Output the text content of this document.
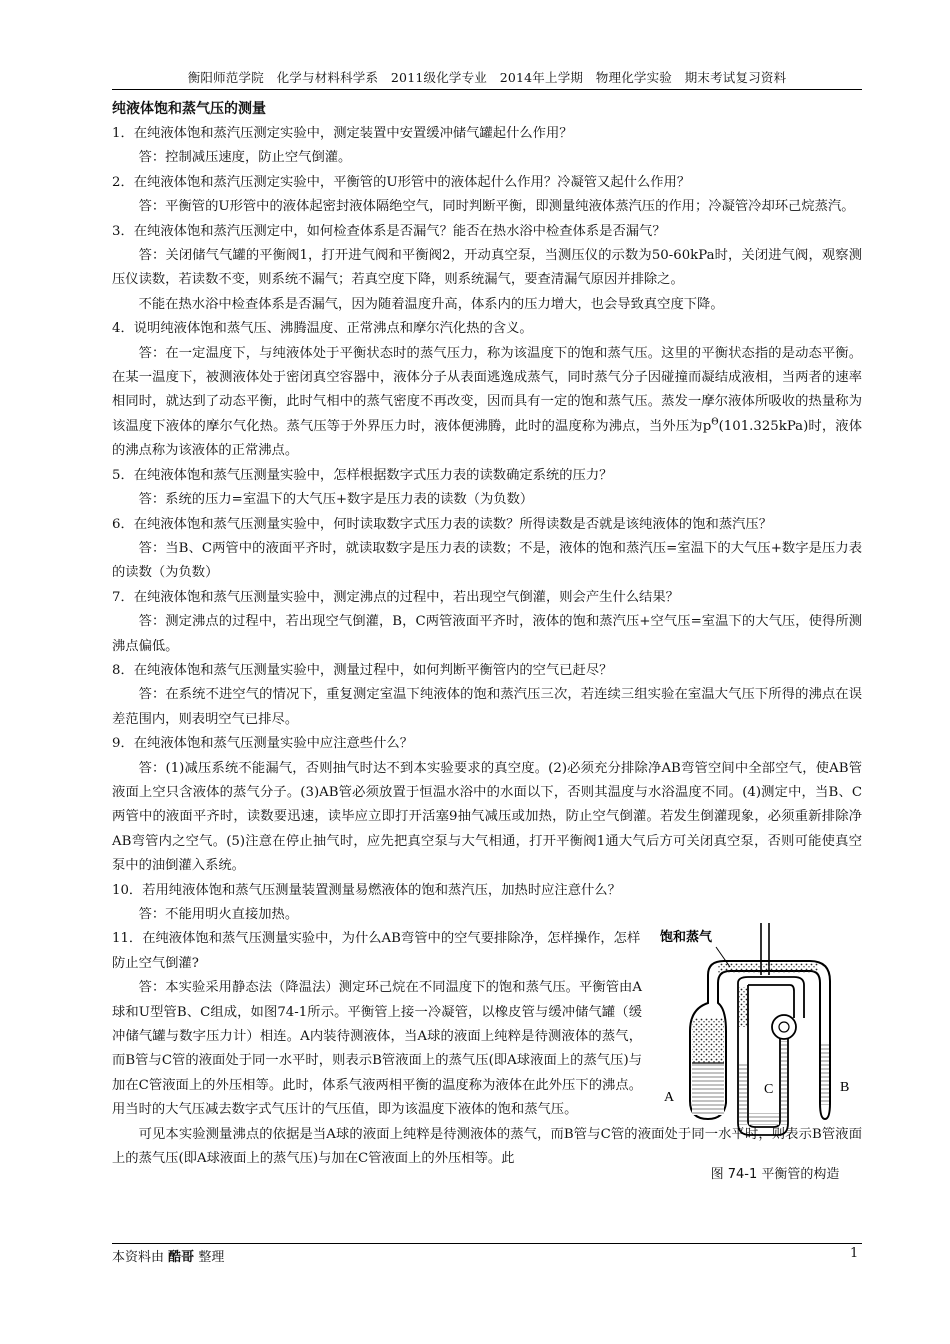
衡阳师范学院　化学与材料科学系　2011级化学专业　2014年上学期　物理化学实验　期末考试复习资料

纯液体饱和蒸气压的测量

1．在纯液体饱和蒸汽压测定实验中，测定装置中安置缓冲储气罐起什么作用？

答：控制减压速度，防止空气倒灌。

2．在纯液体饱和蒸汽压测定实验中，平衡管的U形管中的液体起什么作用？冷凝管又起什么作用？

答：平衡管的U形管中的液体起密封液体隔绝空气，同时判断平衡，即测量纯液体蒸汽压的作用；冷凝管冷却环己烷蒸汽。

3．在纯液体饱和蒸汽压测定中，如何检查体系是否漏气？能否在热水浴中检查体系是否漏气？

答：关闭储气气罐的平衡阀1，打开进气阀和平衡阀2，开动真空泵，当测压仪的示数为50-60kPa时，关闭进气阀，观察测压仪读数，若读数不变，则系统不漏气；若真空度下降，则系统漏气，要查清漏气原因并排除之。

不能在热水浴中检查体系是否漏气，因为随着温度升高，体系内的压力增大，也会导致真空度下降。

4．说明纯液体饱和蒸气压、沸腾温度、正常沸点和摩尔汽化热的含义。

答：在一定温度下，与纯液体处于平衡状态时的蒸气压力，称为该温度下的饱和蒸气压。这里的平衡状态指的是动态平衡。在某一温度下，被测液体处于密闭真空容器中，液体分子从表面逃逸成蒸气，同时蒸气分子因碰撞而凝结成液相，当两者的速率相同时，就达到了动态平衡，此时气相中的蒸气密度不再改变，因而具有一定的饱和蒸气压。蒸发一摩尔液体所吸收的热量称为该温度下液体的摩尔气化热。蒸气压等于外界压力时，液体便沸腾，此时的温度称为沸点，当外压为$p^\Theta(101.325kPa)$时，液体的沸点称为该液体的正常沸点。

5．在纯液体饱和蒸气压测量实验中，怎样根据数字式压力表的读数确定系统的压力？

答：系统的压力=室温下的大气压+数字是压力表的读数（为负数）

6．在纯液体饱和蒸气压测量实验中，何时读取数字式压力表的读数？所得读数是否就是该纯液体的饱和蒸汽压？

答：当B、C两管中的液面平齐时，就读取数字是压力表的读数；不是，液体的饱和蒸汽压=室温下的大气压+数字是压力表的读数（为负数）

7．在纯液体饱和蒸气压测量实验中，测定沸点的过程中，若出现空气倒灌，则会产生什么结果？

答：测定沸点的过程中，若出现空气倒灌，B，C两管液面平齐时，液体的饱和蒸汽压+空气压=室温下的大气压，使得所测沸点偏低。

8．在纯液体饱和蒸气压测量实验中，测量过程中，如何判断平衡管内的空气已赶尽？

答：在系统不进空气的情况下，重复测定室温下纯液体的饱和蒸汽压三次，若连续三组实验在室温大气压下所得的沸点在误差范围内，则表明空气已排尽。

9．在纯液体饱和蒸气压测量实验中应注意些什么？

答：(1)减压系统不能漏气，否则抽气时达不到本实验要求的真空度。(2)必须充分排除净AB弯管空间中全部空气，使AB管液面上空只含液体的蒸气分子。(3)AB管必须放置于恒温水浴中的水面以下，否则其温度与水浴温度不同。(4)测定中，当B、C两管中的液面平齐时，读数要迅速，读毕应立即打开活塞9抽气减压或加热，防止空气倒灌。若发生倒灌现象，必须重新排除净AB弯管内之空气。(5)注意在停止抽气时，应先把真空泵与大气相通，打开平衡阀1通大气后方可关闭真空泵，否则可能使真空泵中的油倒灌入系统。

10．若用纯液体饱和蒸气压测量装置测量易燃液体的饱和蒸汽压，加热时应注意什么？

答：不能用明火直接加热。

11．在纯液体饱和蒸气压测量实验中，为什么AB弯管中的空气要排除净，怎样操作，怎样防止空气倒灌?

答：本实验采用静态法（降温法）测定环己烷在不同温度下的饱和蒸气压。平衡管由A球和U型管B、C组成，如图74-1所示。平衡管上接一冷凝管，以橡皮管与缓冲储气罐（缓冲储气罐与数字压力计）相连。A内装待测液体，当A球的液面上纯粹是待测液体的蒸气，而B管与C管的液面处于同一水平时，则表示B管液面上的蒸气压(即A球液面上的蒸气压)与加在C管液面上的外压相等。此时，体系气液两相平衡的温度称为液体在此外压下的沸点。用当时的大气压减去数字式气压计的气压值，即为该温度下液体的饱和蒸气压。

饱和蒸气
A
C	B
图 74-1 平衡管的构造

可见本实验测量沸点的依据是当A球的液面上纯粹是待测液体的蒸气，而B管与C管的液面处于同一水平时，则表示B管液面上的蒸气压(即A球液面上的蒸气压)与加在C管液面上的外压相等。此

本资料由 酷哥 整理	1
